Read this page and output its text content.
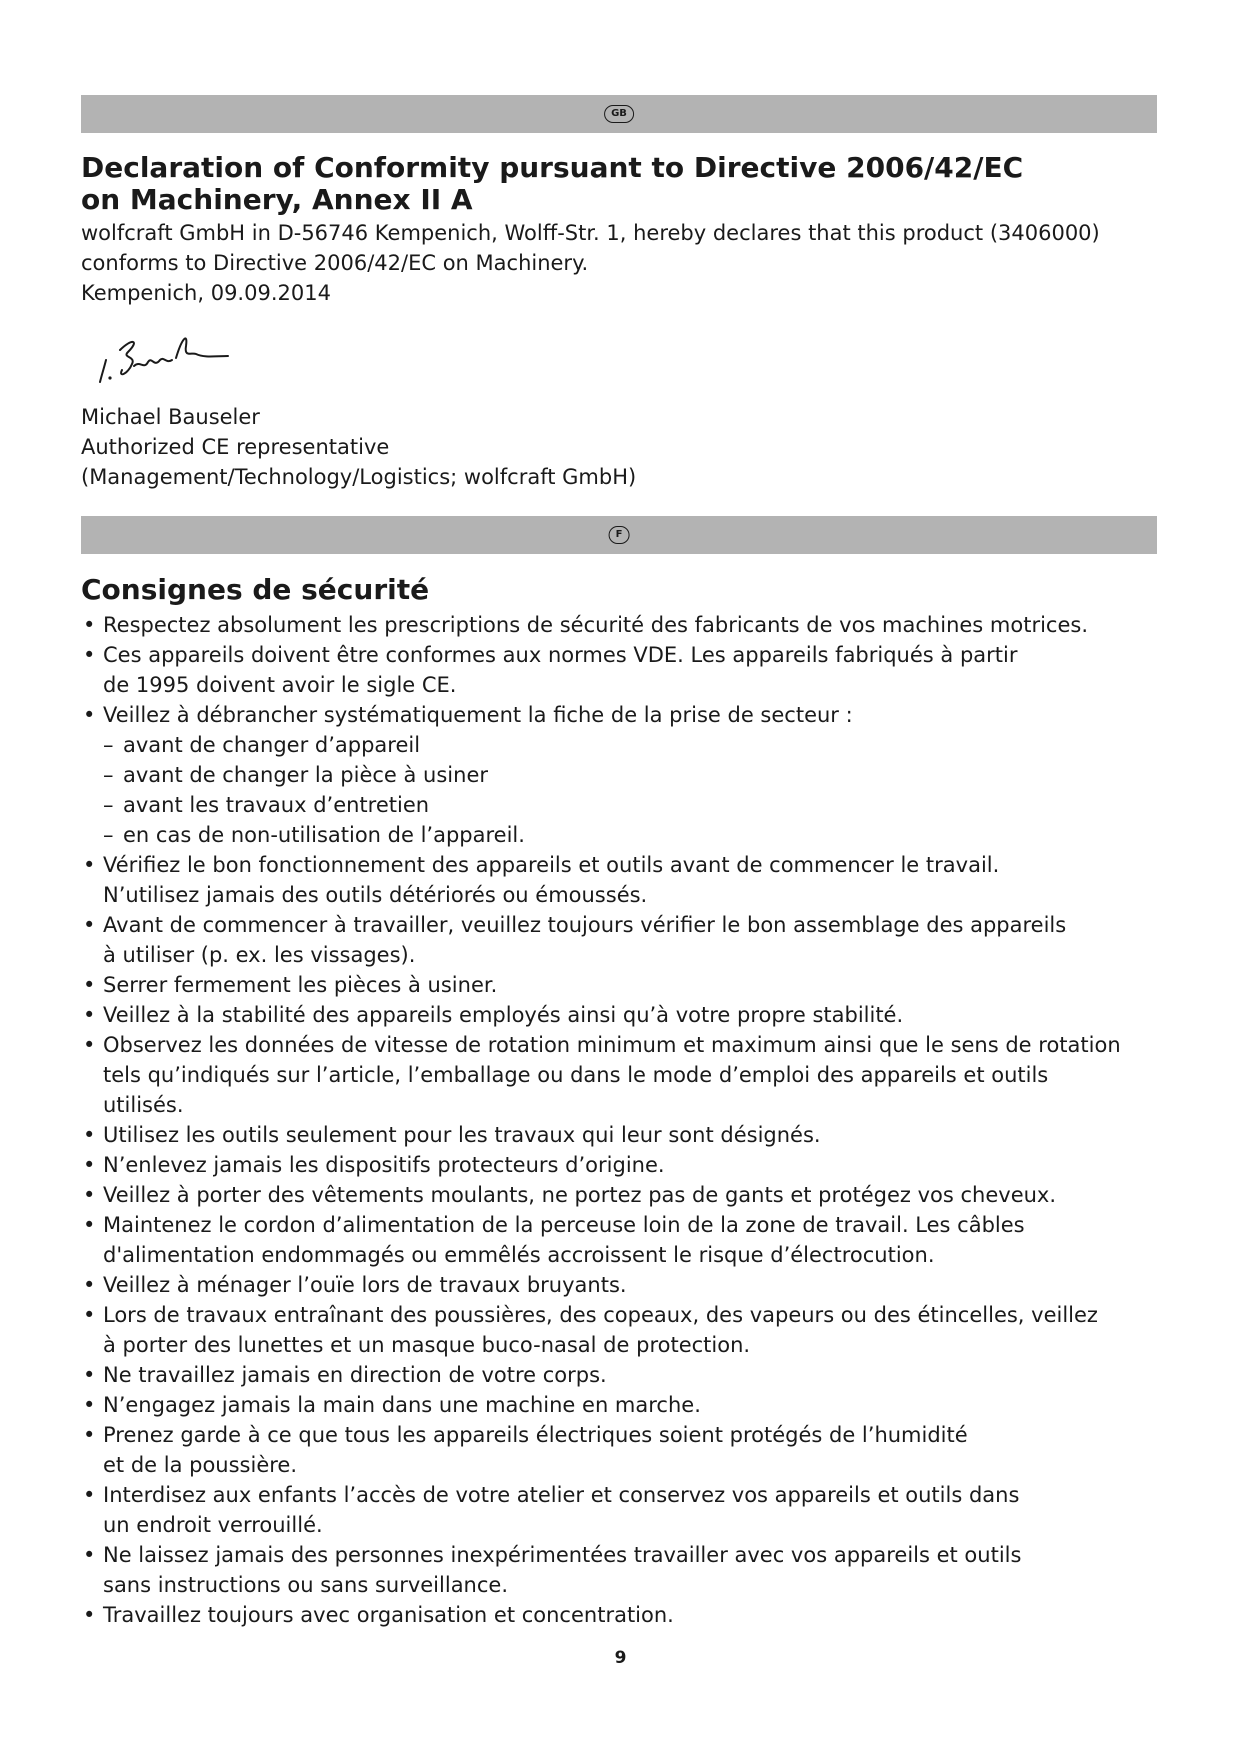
GB
Declaration of Conformity pursuant to Directive 2006/42/EC
on Machinery, Annex II A

wolfcraft GmbH in D-56746 Kempenich, Wolff-Str. 1, hereby declares that this product (3406000)
conforms to Directive 2006/42/EC on Machinery.
Kempenich, 09.09.2014

Michael Bauseler
Authorized CE representative
(Management/Technology/Logistics; wolfcraft GmbH)

F
Consignes de sécurité
• Respectez absolument les prescriptions de sécurité des fabricants de vos machines motrices.
• Ces appareils doivent être conformes aux normes VDE. Les appareils fabriqués à partir
de 1995 doivent avoir le sigle CE.
• Veillez à débrancher systématiquement la fiche de la prise de secteur :
– avant de changer d’appareil
– avant de changer la pièce à usiner
– avant les travaux d’entretien
– en cas de non-utilisation de l’appareil.
• Vérifiez le bon fonctionnement des appareils et outils avant de commencer le travail.
N’utilisez jamais des outils détériorés ou émoussés.
• Avant de commencer à travailler, veuillez toujours vérifier le bon assemblage des appareils
à utiliser (p. ex. les vissages).
• Serrer fermement les pièces à usiner.
• Veillez à la stabilité des appareils employés ainsi qu’à votre propre stabilité.
• Observez les données de vitesse de rotation minimum et maximum ainsi que le sens de rotation
tels qu’indiqués sur l’article, l’emballage ou dans le mode d’emploi des appareils et outils
utilisés.
• Utilisez les outils seulement pour les travaux qui leur sont désignés.
• N’enlevez jamais les dispositifs protecteurs d’origine.
• Veillez à porter des vêtements moulants, ne portez pas de gants et protégez vos cheveux.
• Maintenez le cordon d’alimentation de la perceuse loin de la zone de travail. Les câbles
d'alimentation endommagés ou emmêlés accroissent le risque d’électrocution.
• Veillez à ménager l’ouïe lors de travaux bruyants.
• Lors de travaux entraînant des poussières, des copeaux, des vapeurs ou des étincelles, veillez
à porter des lunettes et un masque buco-nasal de protection.
• Ne travaillez jamais en direction de votre corps.
• N’engagez jamais la main dans une machine en marche.
• Prenez garde à ce que tous les appareils électriques soient protégés de l’humidité
et de la poussière.
• Interdisez aux enfants l’accès de votre atelier et conservez vos appareils et outils dans
un endroit verrouillé.
• Ne laissez jamais des personnes inexpérimentées travailler avec vos appareils et outils
sans instructions ou sans surveillance.
• Travaillez toujours avec organisation et concentration.
9
